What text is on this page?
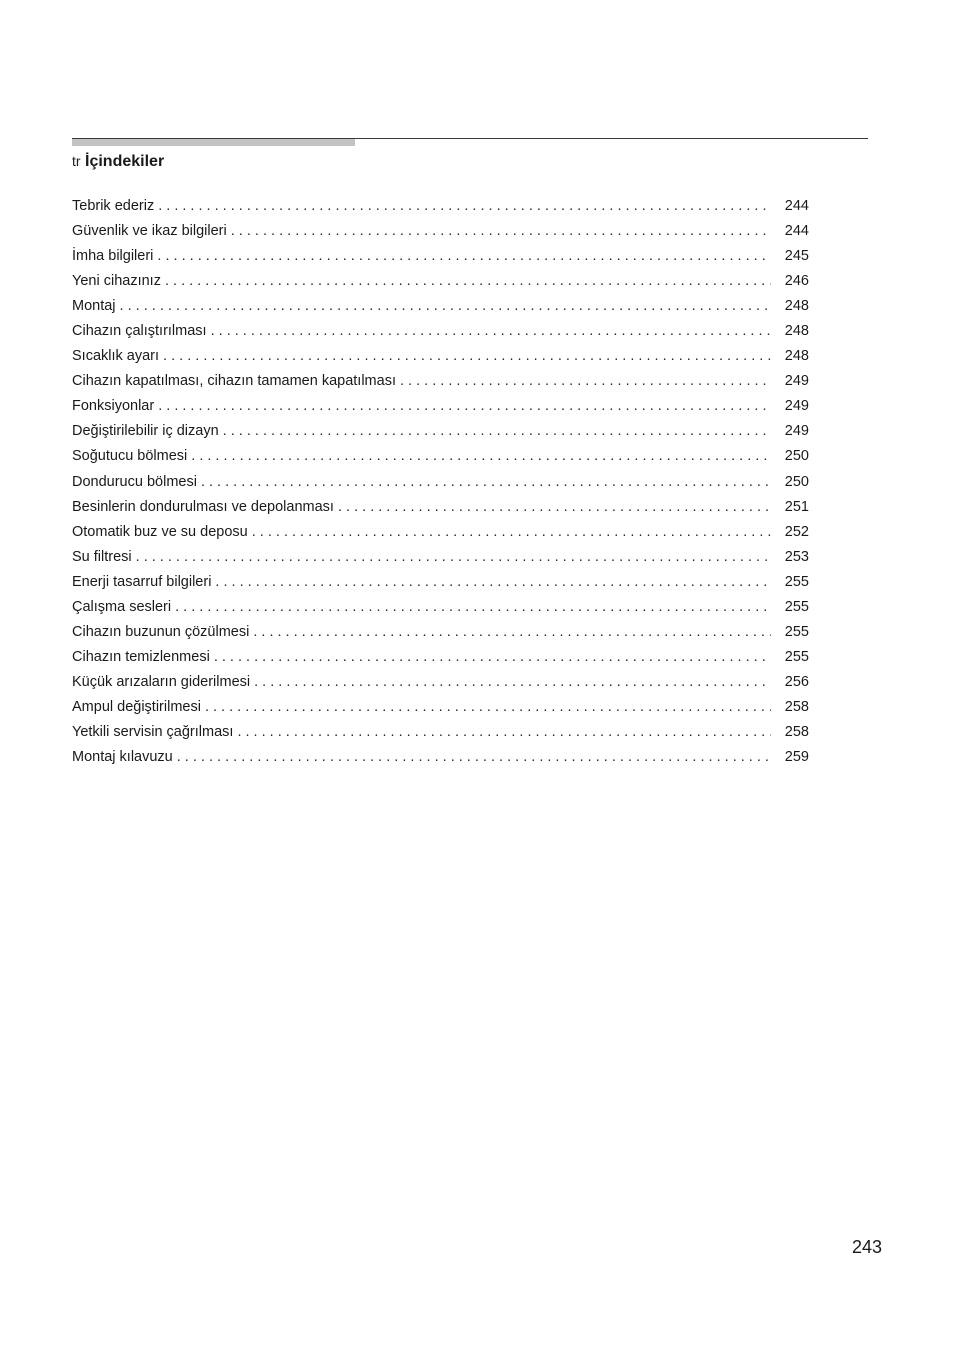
tr İçindekiler
Tebrik ederiz . . .	244
Güvenlik ve ikaz bilgileri . . .	244
İmha bilgileri . . .	245
Yeni cihazınız . . .	246
Montaj . . .	248
Cihazın çalıştırılması . . .	248
Sıcaklık ayarı . . .	248
Cihazın kapatılması, cihazın tamamen kapatılması . . .	249
Fonksiyonlar . . .	249
Değiştirilebilir iç dizayn . . .	249
Soğutucu bölmesi . . .	250
Dondurucu bölmesi . . .	250
Besinlerin dondurulması ve depolanması . . .	251
Otomatik buz ve su deposu . . .	252
Su filtresi . . .	253
Enerji tasarruf bilgileri . . .	255
Çalışma sesleri . . .	255
Cihazın buzunun çözülmesi . . .	255
Cihazın temizlenmesi . . .	255
Küçük arızaların giderilmesi . . .	256
Ampul değiştirilmesi . . .	258
Yetkili servisin çağrılması . . .	258
Montaj kılavuzu . . .	259
243
